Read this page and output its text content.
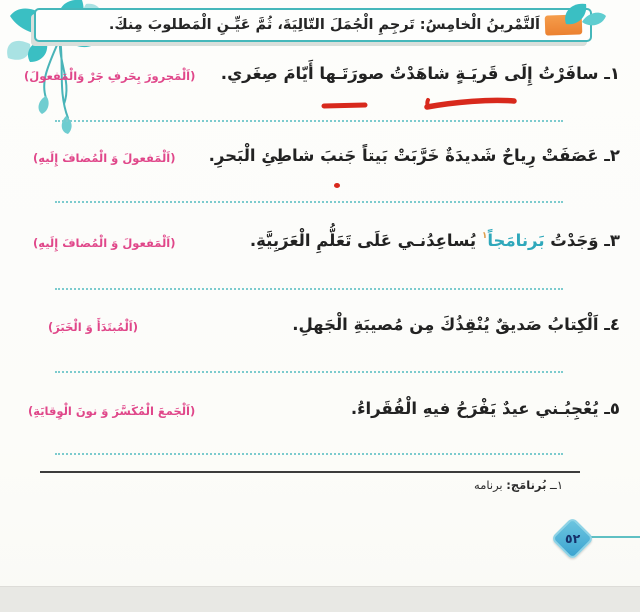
اَلتَّمْرينُ الْخامِسُ: تَرجِمِ الْجُمَلَ التّالِيَةَ، ثُمَّ عَيِّـنِ الْمَطلوبَ مِنكَ.
١ـ سافَرْتُ إِلَى قَريَـةٍ شاهَدْتُ صورَتَـها أَيّامَ صِغَري.
(اَلْمَجرورَ بِحَرفِ جَرْ وَالْمَفعولَ)
٢ـ عَصَفَتْ رِياحٌ شَديدَةٌ خَرَّبَتْ بَيتاً جَنبَ شاطِئِ الْبَحرِ.
(اَلْمَفعولَ وَ الْمُضافَ إِلَيهِ)
٣ـ وَجَدْتُ بَرنامَجاً$^١$ يُساعِدُنـي عَلَى تَعَلُّمِ الْعَرَبِيَّةِ.
(اَلْمَفعولَ وَ الْمُضافَ إِلَيهِ)
٤ـ اَلْكِتابُ صَديقٌ يُنْقِذُكَ مِن مُصيبَةِ الْجَهلِ.
(اَلْمُبتَدَأَ وَ الْخَبَرَ)
٥ـ يُعْجِبُـني عيدٌ يَفْرَحُ فيهِ الْفُقَراءُ.
(اَلْجَمعَ الْمُكَسَّرَ وَ نونَ الْوِقايَةِ)
١ــ بُرنامَج: برنامه
٥٢
